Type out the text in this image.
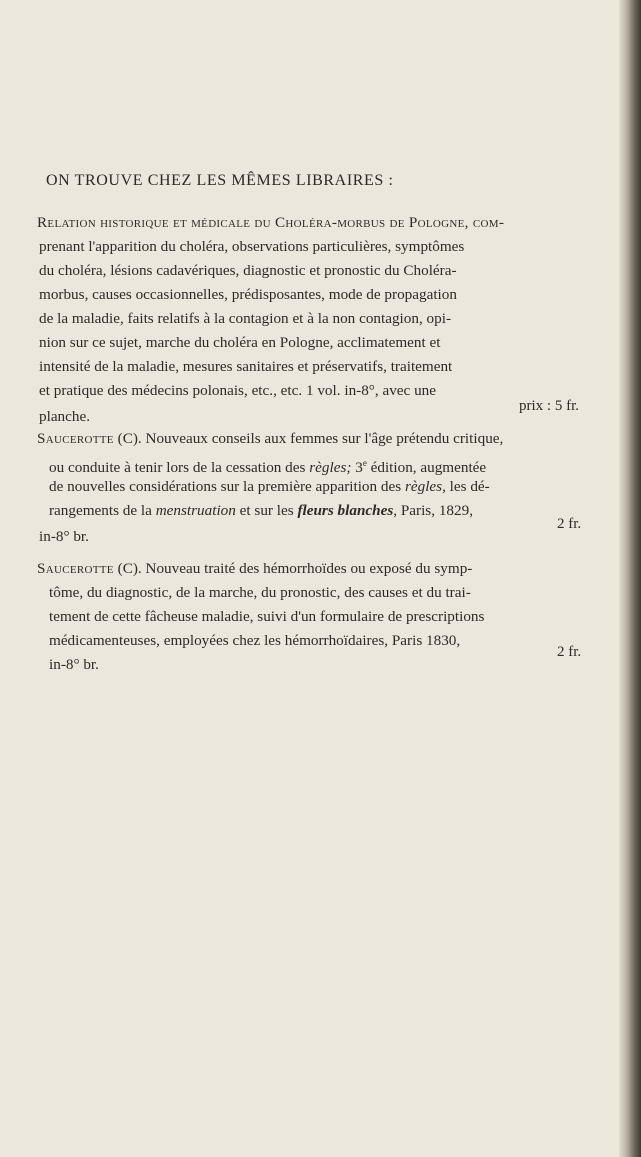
ON TROUVE CHEZ LES MÊMES LIBRAIRES :
Relation historique et médicale du Choléra-morbus de Pologne, com-
prenant l'apparition du choléra, observations particulières, symptômes
du choléra, lésions cadavériques, diagnostic et pronostic du Choléra-
morbus, causes occasionnelles, prédisposantes, mode de propagation
de la maladie, faits relatifs à la contagion et à la non contagion, opi-
nion sur ce sujet, marche du choléra en Pologne, acclimatement et
intensité de la maladie, mesures sanitaires et préservatifs, traitement
et pratique des médecins polonais, etc., etc. 1 vol. in-8°, avec une
planche.
prix : 5 fr.
Saucerotte (C). Nouveaux conseils aux femmes sur l'âge prétendu critique,
ou conduite à tenir lors de la cessation des règles; 3e édition, augmentée
de nouvelles considérations sur la première apparition des règles, les dé-
rangements de la menstruation et sur les fleurs blanches, Paris, 1829,
in-8° br.
2 fr.
Saucerotte (C). Nouveau traité des hémorrhoïdes ou exposé du symp-
tôme, du diagnostic, de la marche, du pronostic, des causes et du trai-
tement de cette fâcheuse maladie, suivi d'un formulaire de prescriptions
médicamenteuses, employées chez les hémorrhoïdaires, Paris 1830,
in-8° br.
2 fr.
